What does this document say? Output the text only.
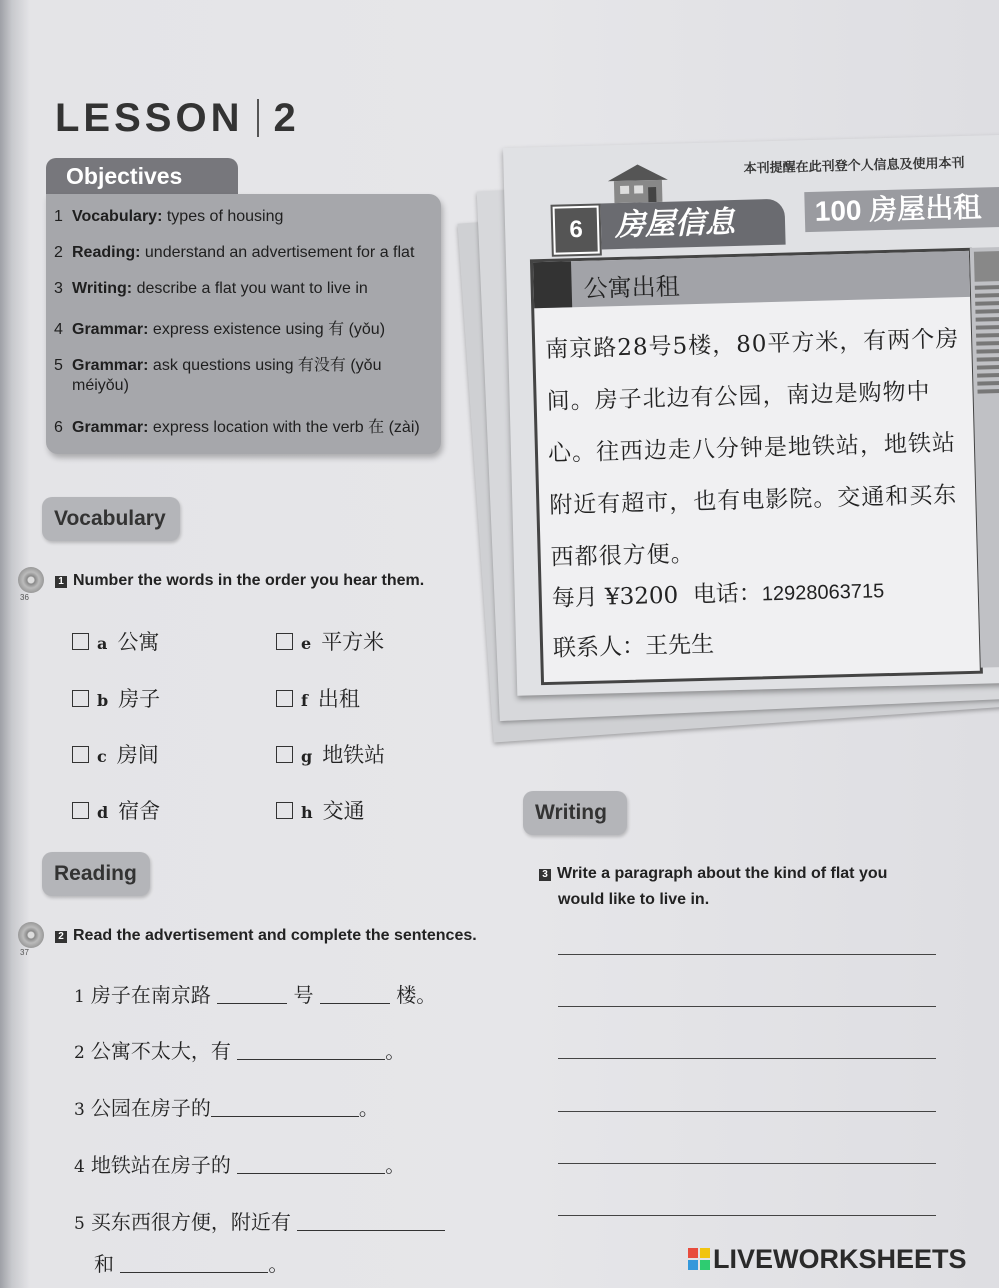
LESSON 2
Objectives
1 Vocabulary: types of housing
2 Reading: understand an advertisement for a flat
3 Writing: describe a flat you want to live in
4 Grammar: express existence using 有 (yǒu)
5 Grammar: ask questions using 有没有 (yǒu
méiyǒu)
6 Grammar: express location with the verb 在 (zài)
Vocabulary
36
1 Number the words in the order you hear them.
a 公寓
b 房子
c 房间
d 宿舍
e 平方米
f 出租
g 地铁站
h 交通
Reading
37
2 Read the advertisement and complete the sentences.
1 房子在南京路	号	楼。
2 公寓不太大，有	。
3 公园在房子的	。
4 地铁站在房子的	。
5 买东西很方便，附近有
和	。
本刊提醒在此刊登个人信息及使用本刊
6	房屋信息	100 房屋出租
公寓出租
南京路28号5楼，80平方米，有两个房间。房子北边有公园，南边是购物中心。往西边走八分钟是地铁站，地铁站附近有超市，也有电影院。交通和买东西都很方便。
每月 ¥3200 电话：12928063715
联系人：王先生
Writing
3 Write a paragraph about the kind of flat you
would like to live in.
LIVEWORKSHEETS
